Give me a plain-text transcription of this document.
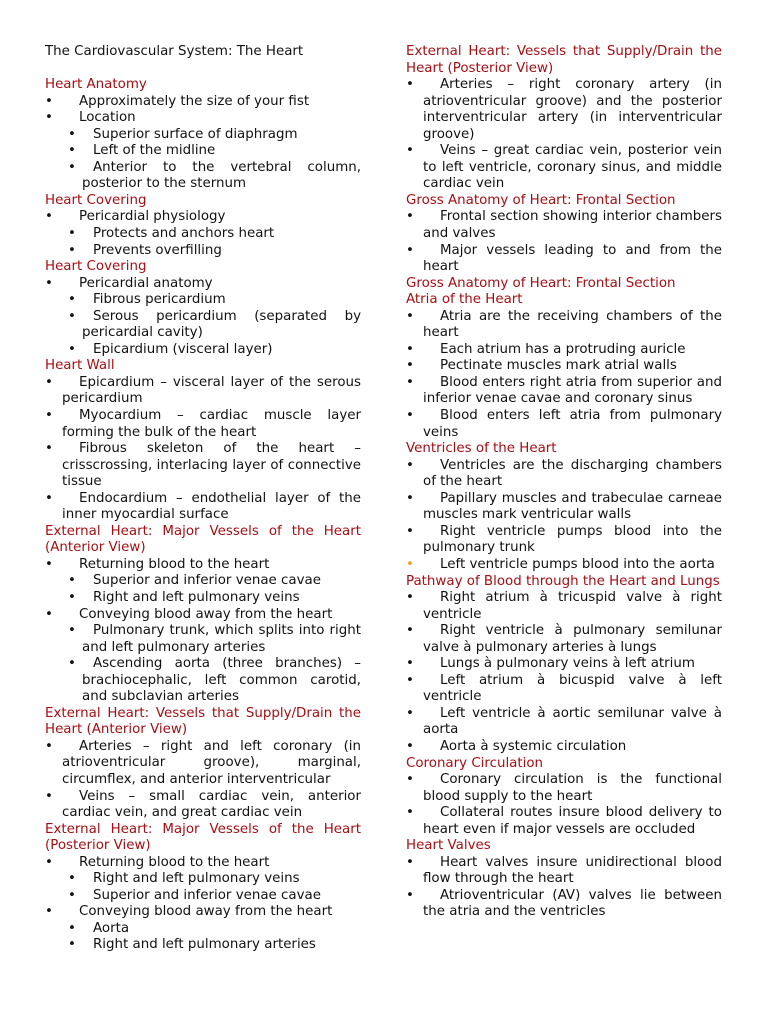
The Cardiovascular System: The Heart

Heart Anatomy

•	Approximately the size of your fist
•	Location
•	Superior surface of diaphragm
•	Left of the midline
•	Anterior to the vertebral column, posterior to the sternum

Heart Covering

•	Pericardial physiology
•	Protects and anchors heart
•	Prevents overfilling

Heart Covering

•	Pericardial anatomy
•	Fibrous pericardium
•	Serous pericardium (separated by pericardial cavity)
•	Epicardium (visceral layer)

Heart Wall

•	Epicardium – visceral layer of the serous pericardium
•	Myocardium – cardiac muscle layer forming the bulk of the heart
•	Fibrous skeleton of the heart – crisscrossing, interlacing layer of connective tissue
•	Endocardium – endothelial layer of the inner myocardial surface

External Heart: Major Vessels of the Heart (Anterior View)

•	Returning blood to the heart
•	Superior and inferior venae cavae
•	Right and left pulmonary veins
•	Conveying blood away from the heart
•	Pulmonary trunk, which splits into right and left pulmonary arteries
•	Ascending aorta (three branches) – brachiocephalic, left common carotid, and subclavian arteries

External Heart: Vessels that Supply/Drain the Heart (Anterior View)

•	Arteries – right and left coronary (in atrioventricular groove), marginal, circumflex, and anterior interventricular
•	Veins – small cardiac vein, anterior cardiac vein, and great cardiac vein

External Heart: Major Vessels of the Heart (Posterior View)

•	Returning blood to the heart
•	Right and left pulmonary veins
•	Superior and inferior venae cavae
•	Conveying blood away from the heart
•	Aorta
•	Right and left pulmonary arteries

External Heart: Vessels that Supply/Drain the Heart (Posterior View)

•	Arteries – right coronary artery (in atrioventricular groove) and the posterior interventricular artery (in interventricular groove)
•	Veins – great cardiac vein, posterior vein to left ventricle, coronary sinus, and middle cardiac vein

Gross Anatomy of Heart: Frontal Section

•	Frontal section showing interior chambers and valves
•	Major vessels leading to and from the heart

Gross Anatomy of Heart: Frontal Section

Atria of the Heart

•	Atria are the receiving chambers of the heart
•	Each atrium has a protruding auricle
•	Pectinate muscles mark atrial walls
•	Blood enters right atria from superior and inferior venae cavae and coronary sinus
•	Blood enters left atria from pulmonary veins

Ventricles of the Heart

•	Ventricles are the discharging chambers of the heart
•	Papillary muscles and trabeculae carneae muscles mark ventricular walls
•	Right ventricle pumps blood into the pulmonary trunk
•	Left ventricle pumps blood into the aorta

Pathway of Blood through the Heart and Lungs

•	Right atrium à tricuspid valve à right ventricle
•	Right ventricle à pulmonary semilunar valve à pulmonary arteries à lungs
•	Lungs à pulmonary veins à left atrium
•	Left atrium à bicuspid valve à left ventricle
•	Left ventricle à aortic semilunar valve à aorta
•	Aorta à systemic circulation

Coronary Circulation

•	Coronary circulation is the functional blood supply to the heart
•	Collateral routes insure blood delivery to heart even if major vessels are occluded

Heart Valves

•	Heart valves insure unidirectional blood flow through the heart
•	Atrioventricular (AV) valves lie between the atria and the ventricles
